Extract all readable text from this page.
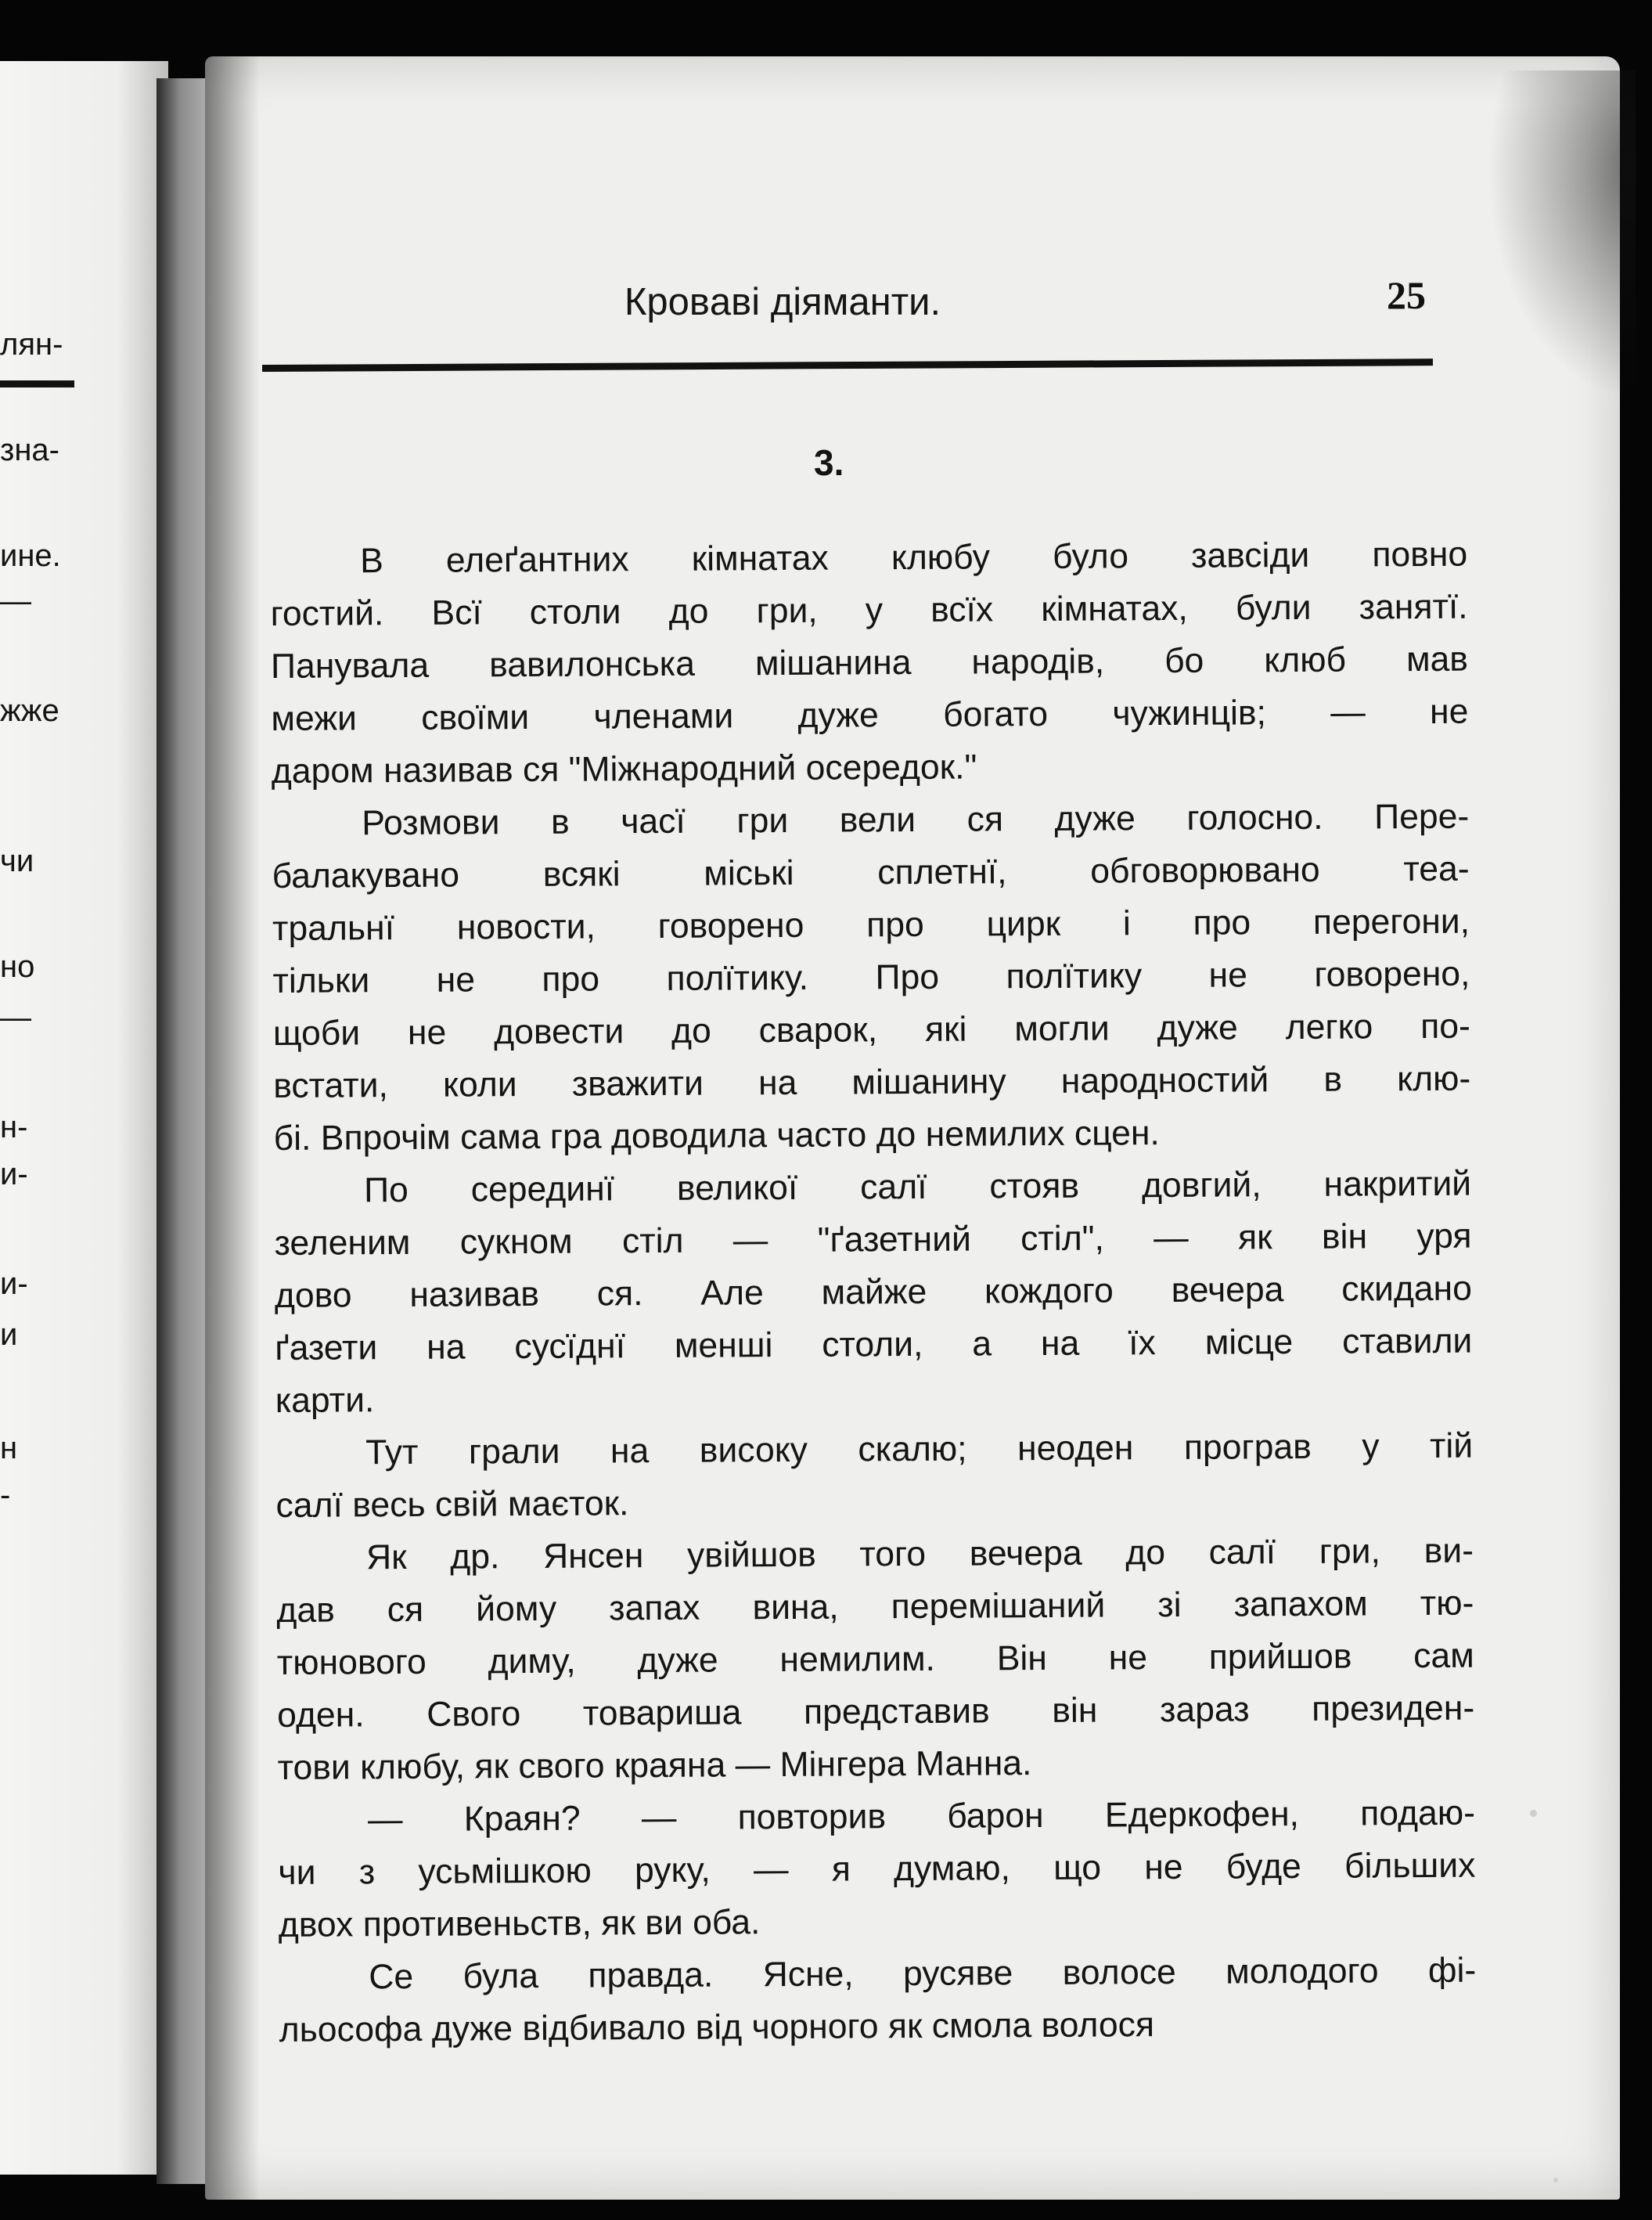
лян-

зна-

ине.

—

жже

чи

но

—

н-

и-

и-

и

н

-

Кровaві діяманти.	25

3.

В елеґантних кімнатах клюбу було завсіди повно
гостий. Всї столи до гри, у всїх кімнатах, були занятї.
Панувала вавилонська мішанина народів, бо клюб мав
межи своїми членами дуже богато чужинців; — не
даром називав ся "Міжнародний осередок."
Розмови в часї гри вели ся дуже голосно. Пере-
балакувано всякі міські сплетнї, обговорювано теа-
тральнї новости, говорено про цирк і про перегони,
тільки не про полїтику. Про полїтику не говорено,
щоби не довести до сварок, які могли дуже легко по-
встати, коли зважити на мішанину народностий в клю-
бі. Впрочім сама гра доводила часто до немилих сцен.
По серединї великої салї стояв довгий, накритий
зеленим сукном стіл — "ґазетний стіл", — як він уря
дово називав ся. Але майже кождого вечера скидано
ґазети на сусїднї менші столи, а на їх місце ставили
карти.
Тут грали на високу скалю; неоден програв у тій
салї весь свій маєток.
Як др. Янсен увійшов того вечера до салї гри, ви-
дав ся йому запах вина, перемішаний зі запахом тю-
тюнового диму, дуже немилим. Він не прийшов сам
оден. Свого товариша представив він зараз президен-
тови клюбу, як свого краяна — Мінгера Манна.
— Краян? — повторив барон Едеркофен, подаю-
чи з усьмішкою руку, — я думаю, що не буде більших
двох противеньств, як ви оба.
Се була правда. Ясне, русяве волосе молодого фі-
льософа дуже відбивало від чорного як смола волося
